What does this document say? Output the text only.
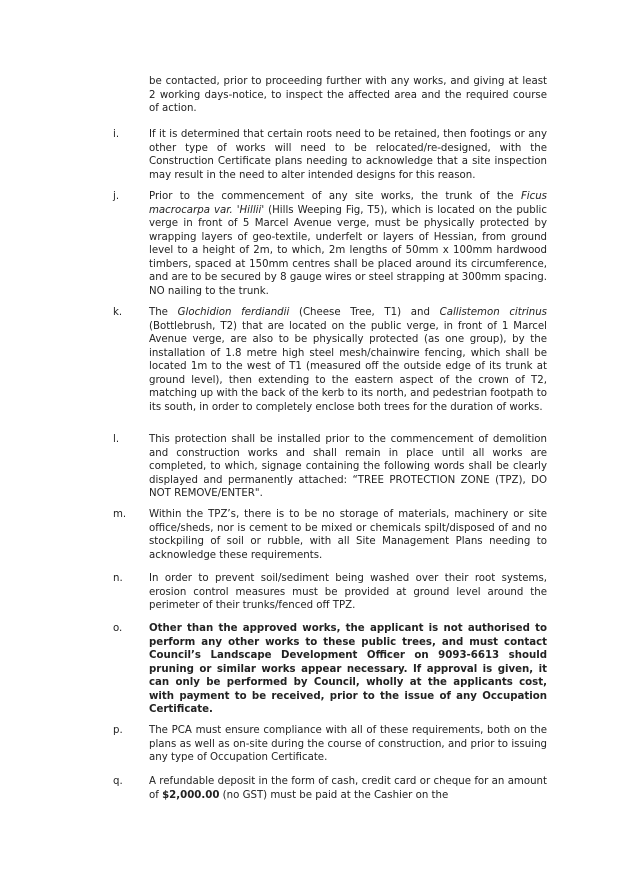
be contacted, prior to proceeding further with any works, and giving at least 2 working days-notice, to inspect the affected area and the required course of action.

i.	If it is determined that certain roots need to be retained, then footings or any other type of works will need to be relocated/re-designed, with the Construction Certificate plans needing to acknowledge that a site inspection may result in the need to alter intended designs for this reason.

j.	Prior to the commencement of any site works, the trunk of the Ficus macrocarpa var. 'Hillii' (Hills Weeping Fig, T5), which is located on the public verge in front of 5 Marcel Avenue verge, must be physically protected by wrapping layers of geo-textile, underfelt or layers of Hessian, from ground level to a height of 2m, to which, 2m lengths of 50mm x 100mm hardwood timbers, spaced at 150mm centres shall be placed around its circumference, and are to be secured by 8 gauge wires or steel strapping at 300mm spacing. NO nailing to the trunk.

k.	The Glochidion ferdiandii (Cheese Tree, T1) and Callistemon citrinus (Bottlebrush, T2) that are located on the public verge, in front of 1 Marcel Avenue verge, are also to be physically protected (as one group), by the installation of 1.8 metre high steel mesh/chainwire fencing, which shall be located 1m to the west of T1 (measured off the outside edge of its trunk at ground level), then extending to the eastern aspect of the crown of T2, matching up with the back of the kerb to its north, and pedestrian footpath to its south, in order to completely enclose both trees for the duration of works.

l.	This protection shall be installed prior to the commencement of demolition and construction works and shall remain in place until all works are completed, to which, signage containing the following words shall be clearly displayed and permanently attached: “TREE PROTECTION ZONE (TPZ), DO NOT REMOVE/ENTER".

m.	Within the TPZ’s, there is to be no storage of materials, machinery or site office/sheds, nor is cement to be mixed or chemicals spilt/disposed of and no stockpiling of soil or rubble, with all Site Management Plans needing to acknowledge these requirements.

n.	In order to prevent soil/sediment being washed over their root systems, erosion control measures must be provided at ground level around the perimeter of their trunks/fenced off TPZ.

o.	Other than the approved works, the applicant is not authorised to perform any other works to these public trees, and must contact Council’s Landscape Development Officer on 9093-6613 should pruning or similar works appear necessary. If approval is given, it can only be performed by Council, wholly at the applicants cost, with payment to be received, prior to the issue of any Occupation Certificate.

p.	The PCA must ensure compliance with all of these requirements, both on the plans as well as on-site during the course of construction, and prior to issuing any type of Occupation Certificate.

q.	A refundable deposit in the form of cash, credit card or cheque for an amount of $2,000.00 (no GST) must be paid at the Cashier on the
